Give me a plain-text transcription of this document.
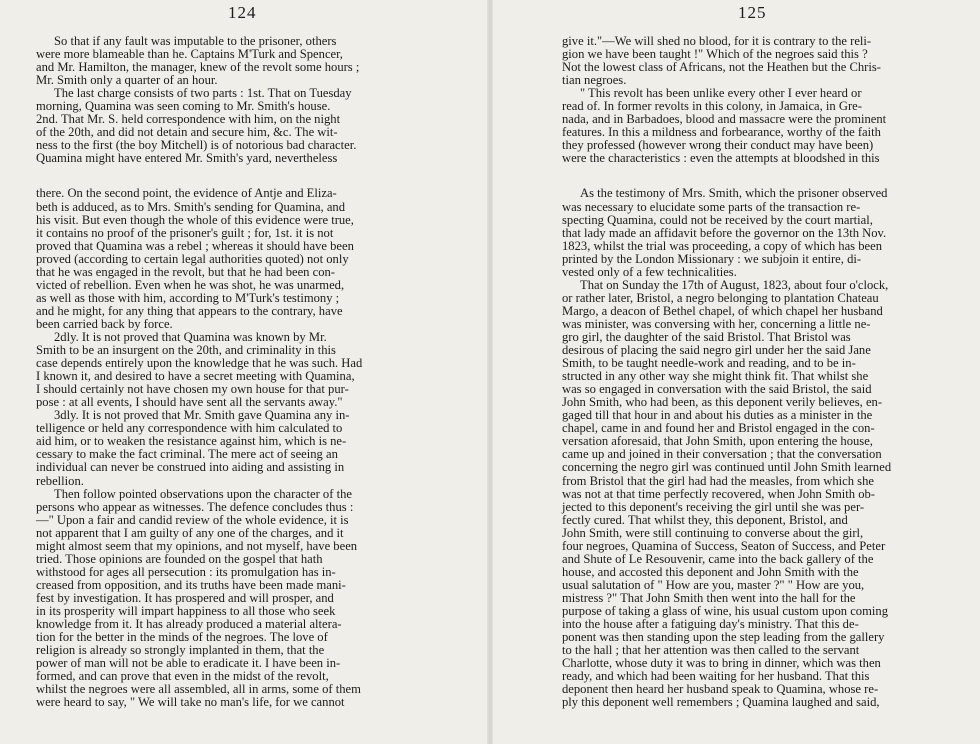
124
So that if any fault was imputable to the prisoner, others
were more blameable than he. Captains M'Turk and Spencer,
and Mr. Hamilton, the manager, knew of the revolt some hours ;
Mr. Smith only a quarter of an hour.
The last charge consists of two parts : 1st. That on Tuesday
morning, Quamina was seen coming to Mr. Smith's house.
2nd. That Mr. S. held correspondence with him, on the night
of the 20th, and did not detain and secure him, &c. The wit-
ness to the first (the boy Mitchell) is of notorious bad character.
Quamina might have entered Mr. Smith's yard, nevertheless
there. On the second point, the evidence of Antje and Eliza-
beth is adduced, as to Mrs. Smith's sending for Quamina, and
his visit. But even though the whole of this evidence were true,
it contains no proof of the prisoner's guilt ; for, 1st. it is not
proved that Quamina was a rebel ; whereas it should have been
proved (according to certain legal authorities quoted) not only
that he was engaged in the revolt, but that he had been con-
victed of rebellion. Even when he was shot, he was unarmed,
as well as those with him, according to M'Turk's testimony ;
and he might, for any thing that appears to the contrary, have
been carried back by force.
2dly. It is not proved that Quamina was known by Mr.
Smith to be an insurgent on the 20th, and criminality in this
case depends entirely upon the knowledge that he was such. Had
I known it, and desired to have a secret meeting with Quamina,
I should certainly not have chosen my own house for that pur-
pose : at all events, I should have sent all the servants away."
3dly. It is not proved that Mr. Smith gave Quamina any in-
telligence or held any correspondence with him calculated to
aid him, or to weaken the resistance against him, which is ne-
cessary to make the fact criminal. The mere act of seeing an
individual can never be construed into aiding and assisting in
rebellion.
Then follow pointed observations upon the character of the
persons who appear as witnesses. The defence concludes thus :
—" Upon a fair and candid review of the whole evidence, it is
not apparent that I am guilty of any one of the charges, and it
might almost seem that my opinions, and not myself, have been
tried. Those opinions are founded on the gospel that hath
withstood for ages all persecution : its promulgation has in-
creased from opposition, and its truths have been made mani-
fest by investigation. It has prospered and will prosper, and
in its prosperity will impart happiness to all those who seek
knowledge from it. It has already produced a material altera-
tion for the better in the minds of the negroes. The love of
religion is already so strongly implanted in them, that the
power of man will not be able to eradicate it. I have been in-
formed, and can prove that even in the midst of the revolt,
whilst the negroes were all assembled, all in arms, some of them
were heard to say, " We will take no man's life, for we cannot
125
give it."—We will shed no blood, for it is contrary to the reli-
gion we have been taught !" Which of the negroes said this ?
Not the lowest class of Africans, not the Heathen but the Chris-
tian negroes.
" This revolt has been unlike every other I ever heard or
read of. In former revolts in this colony, in Jamaica, in Gre-
nada, and in Barbadoes, blood and massacre were the prominent
features. In this a mildness and forbearance, worthy of the faith
they professed (however wrong their conduct may have been)
were the characteristics : even the attempts at bloodshed in this
As the testimony of Mrs. Smith, which the prisoner observed
was necessary to elucidate some parts of the transaction re-
specting Quamina, could not be received by the court martial,
that lady made an affidavit before the governor on the 13th Nov.
1823, whilst the trial was proceeding, a copy of which has been
printed by the London Missionary : we subjoin it entire, di-
vested only of a few technicalities.
That on Sunday the 17th of August, 1823, about four o'clock,
or rather later, Bristol, a negro belonging to plantation Chateau
Margo, a deacon of Bethel chapel, of which chapel her husband
was minister, was conversing with her, concerning a little ne-
gro girl, the daughter of the said Bristol. That Bristol was
desirous of placing the said negro girl under her the said Jane
Smith, to be taught needle-work and reading, and to be in-
structed in any other way she might think fit. That whilst she
was so engaged in conversation with the said Bristol, the said
John Smith, who had been, as this deponent verily believes, en-
gaged till that hour in and about his duties as a minister in the
chapel, came in and found her and Bristol engaged in the con-
versation aforesaid, that John Smith, upon entering the house,
came up and joined in their conversation ; that the conversation
concerning the negro girl was continued until John Smith learned
from Bristol that the girl had had the measles, from which she
was not at that time perfectly recovered, when John Smith ob-
jected to this deponent's receiving the girl until she was per-
fectly cured. That whilst they, this deponent, Bristol, and
John Smith, were still continuing to converse about the girl,
four negroes, Quamina of Success, Seaton of Success, and Peter
and Shute of Le Resouvenir, came into the back gallery of the
house, and accosted this deponent and John Smith with the
usual salutation of " How are you, master ?" " How are you,
mistress ?" That John Smith then went into the hall for the
purpose of taking a glass of wine, his usual custom upon coming
into the house after a fatiguing day's ministry. That this de-
ponent was then standing upon the step leading from the gallery
to the hall ; that her attention was then called to the servant
Charlotte, whose duty it was to bring in dinner, which was then
ready, and which had been waiting for her husband. That this
deponent then heard her husband speak to Quamina, whose re-
ply this deponent well remembers ; Quamina laughed and said,
